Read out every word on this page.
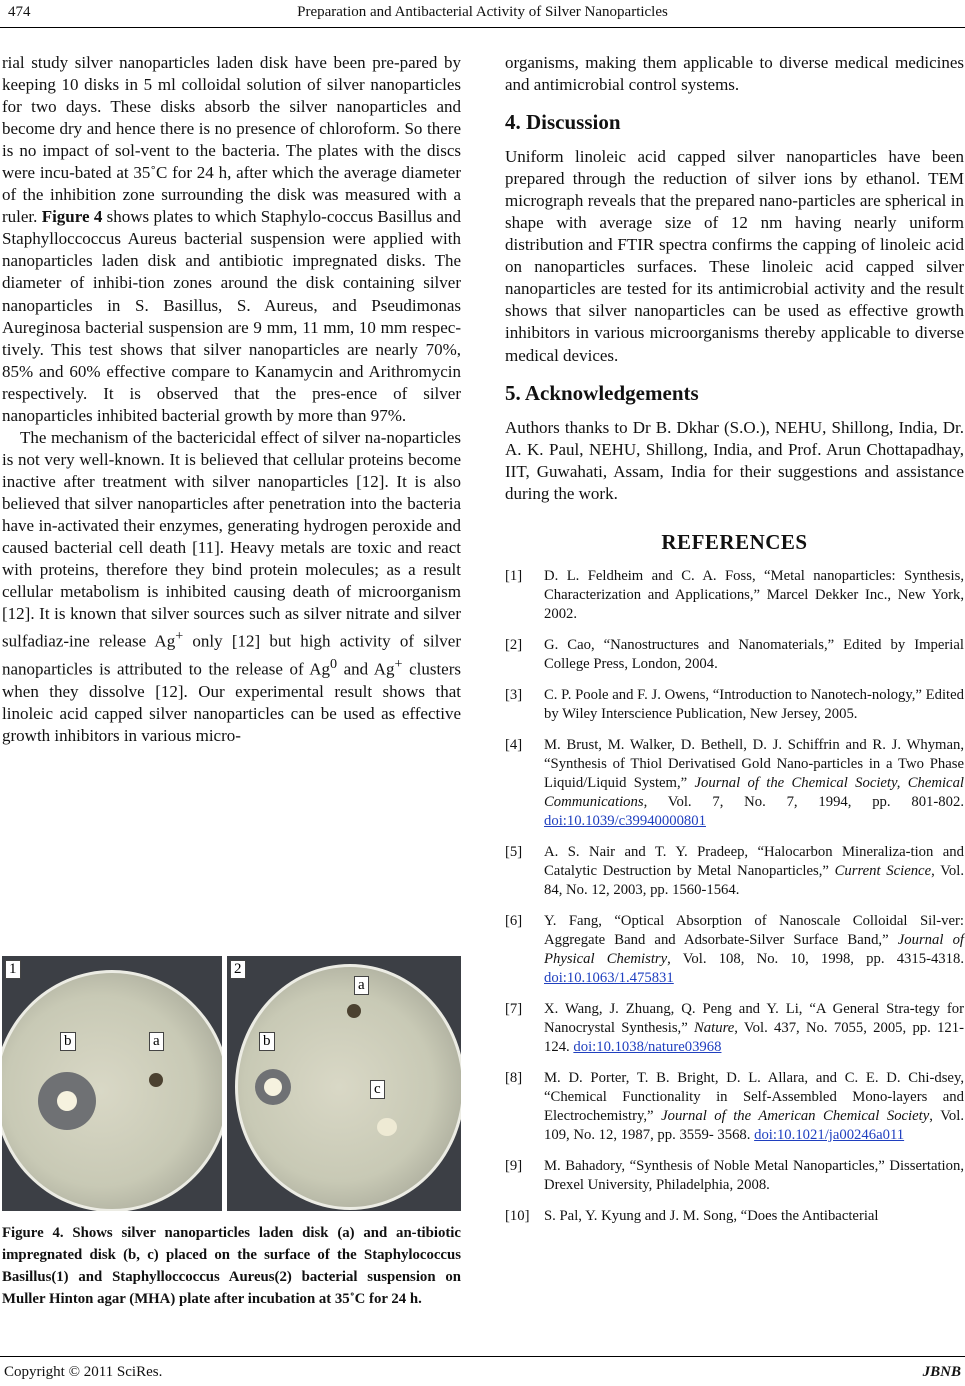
474	Preparation and Antibacterial Activity of Silver Nanoparticles

rial study silver nanoparticles laden disk have been pre-pared by keeping 10 disks in 5 ml colloidal solution of silver nanoparticles for two days. These disks absorb the silver nanoparticles and become dry and hence there is no presence of chloroform. So there is no impact of sol-vent to the bacteria. The plates with the discs were incu-bated at 35˚C for 24 h, after which the average diameter of the inhibition zone surrounding the disk was measured with a ruler. Figure 4 shows plates to which Staphylo-coccus Basillus and Staphylloccoccus Aureus bacterial suspension were applied with nanoparticles laden disk and antibiotic impregnated disks. The diameter of inhibi-tion zones around the disk containing silver nanoparticles in S. Basillus, S. Aureus, and Pseudimonas Aureginosa bacterial suspension are 9 mm, 11 mm, 10 mm respec-tively. This test shows that silver nanoparticles are nearly 70%, 85% and 60% effective compare to Kanamycin and Arithromycin respectively. It is observed that the pres-ence of silver nanoparticles inhibited bacterial growth by more than 97%.

The mechanism of the bactericidal effect of silver na-noparticles is not very well-known. It is believed that cellular proteins become inactive after treatment with silver nanoparticles [12]. It is also believed that silver nanoparticles after penetration into the bacteria have in-activated their enzymes, generating hydrogen peroxide and caused bacterial cell death [11]. Heavy metals are toxic and react with proteins, therefore they bind protein molecules; as a result cellular metabolism is inhibited causing death of microorganism [12]. It is known that silver sources such as silver nitrate and silver sulfadiaz-ine release Ag+ only [12] but high activity of silver nanoparticles is attributed to the release of Ag$^0$ and Ag+ clusters when they dissolve [12]. Our experimental result shows that linoleic acid capped silver nanoparticles can be used as effective growth inhibitors in various micro-

1
b	a
2
a
b
c
Figure 4. Shows silver nanoparticles laden disk (a) and an-tibiotic impregnated disk (b, c) placed on the surface of the Staphylococcus Basillus(1) and Staphylloccoccus Aureus(2) bacterial suspension on Muller Hinton agar (MHA) plate after incubation at 35˚C for 24 h.

organisms, making them applicable to diverse medical medicines and antimicrobial control systems.

4. Discussion

Uniform linoleic acid capped silver nanoparticles have been prepared through the reduction of silver ions by ethanol. TEM micrograph reveals that the prepared nano-particles are spherical in shape with average size of 12 nm having nearly uniform distribution and FTIR spectra confirms the capping of linoleic acid on nanoparticles surfaces. These linoleic acid capped silver nanoparticles are tested for its antimicrobial activity and the result shows that silver nanoparticles can be used as effective growth inhibitors in various microorganisms thereby applicable to diverse medical devices.

5. Acknowledgements

Authors thanks to Dr B. Dkhar (S.O.), NEHU, Shillong, India, Dr. A. K. Paul, NEHU, Shillong, India, and Prof. Arun Chottapadhay, IIT, Guwahati, Assam, India for their suggestions and assistance during the work.

REFERENCES
[1]	D. L. Feldheim and C. A. Foss, “Metal nanoparticles: Synthesis, Characterization and Applications,” Marcel Dekker Inc., New York, 2002.
[2]	G. Cao, “Nanostructures and Nanomaterials,” Edited by Imperial College Press, London, 2004.
[3]	C. P. Poole and F. J. Owens, “Introduction to Nanotech-nology,” Edited by Wiley Interscience Publication, New Jersey, 2005.
[4]	M. Brust, M. Walker, D. Bethell, D. J. Schiffrin and R. J. Whyman, “Synthesis of Thiol Derivatised Gold Nano-particles in a Two Phase Liquid/Liquid System,” Journal of the Chemical Society, Chemical Communications, Vol. 7, No. 7, 1994, pp. 801-802. doi:10.1039/c39940000801
[5]	A. S. Nair and T. Y. Pradeep, “Halocarbon Mineraliza-tion and Catalytic Destruction by Metal Nanoparticles,” Current Science, Vol. 84, No. 12, 2003, pp. 1560-1564.
[6]	Y. Fang, “Optical Absorption of Nanoscale Colloidal Sil-ver: Aggregate Band and Adsorbate-Silver Surface Band,” Journal of Physical Chemistry, Vol. 108, No. 10, 1998, pp. 4315-4318. doi:10.1063/1.475831
[7]	X. Wang, J. Zhuang, Q. Peng and Y. Li, “A General Stra-tegy for Nanocrystal Synthesis,” Nature, Vol. 437, No. 7055, 2005, pp. 121-124. doi:10.1038/nature03968
[8]	M. D. Porter, T. B. Bright, D. L. Allara, and C. E. D. Chi-dsey, “Chemical Functionality in Self-Assembled Mono-layers and Electrochemistry,” Journal of the American Chemical Society, Vol. 109, No. 12, 1987, pp. 3559- 3568. doi:10.1021/ja00246a011
[9]	M. Bahadory, “Synthesis of Noble Metal Nanoparticles,” Dissertation, Drexel University, Philadelphia, 2008.
[10] S. Pal, Y. Kyung and J. M. Song, “Does the Antibacterial
Copyright © 2011 SciRes.	JBNB
